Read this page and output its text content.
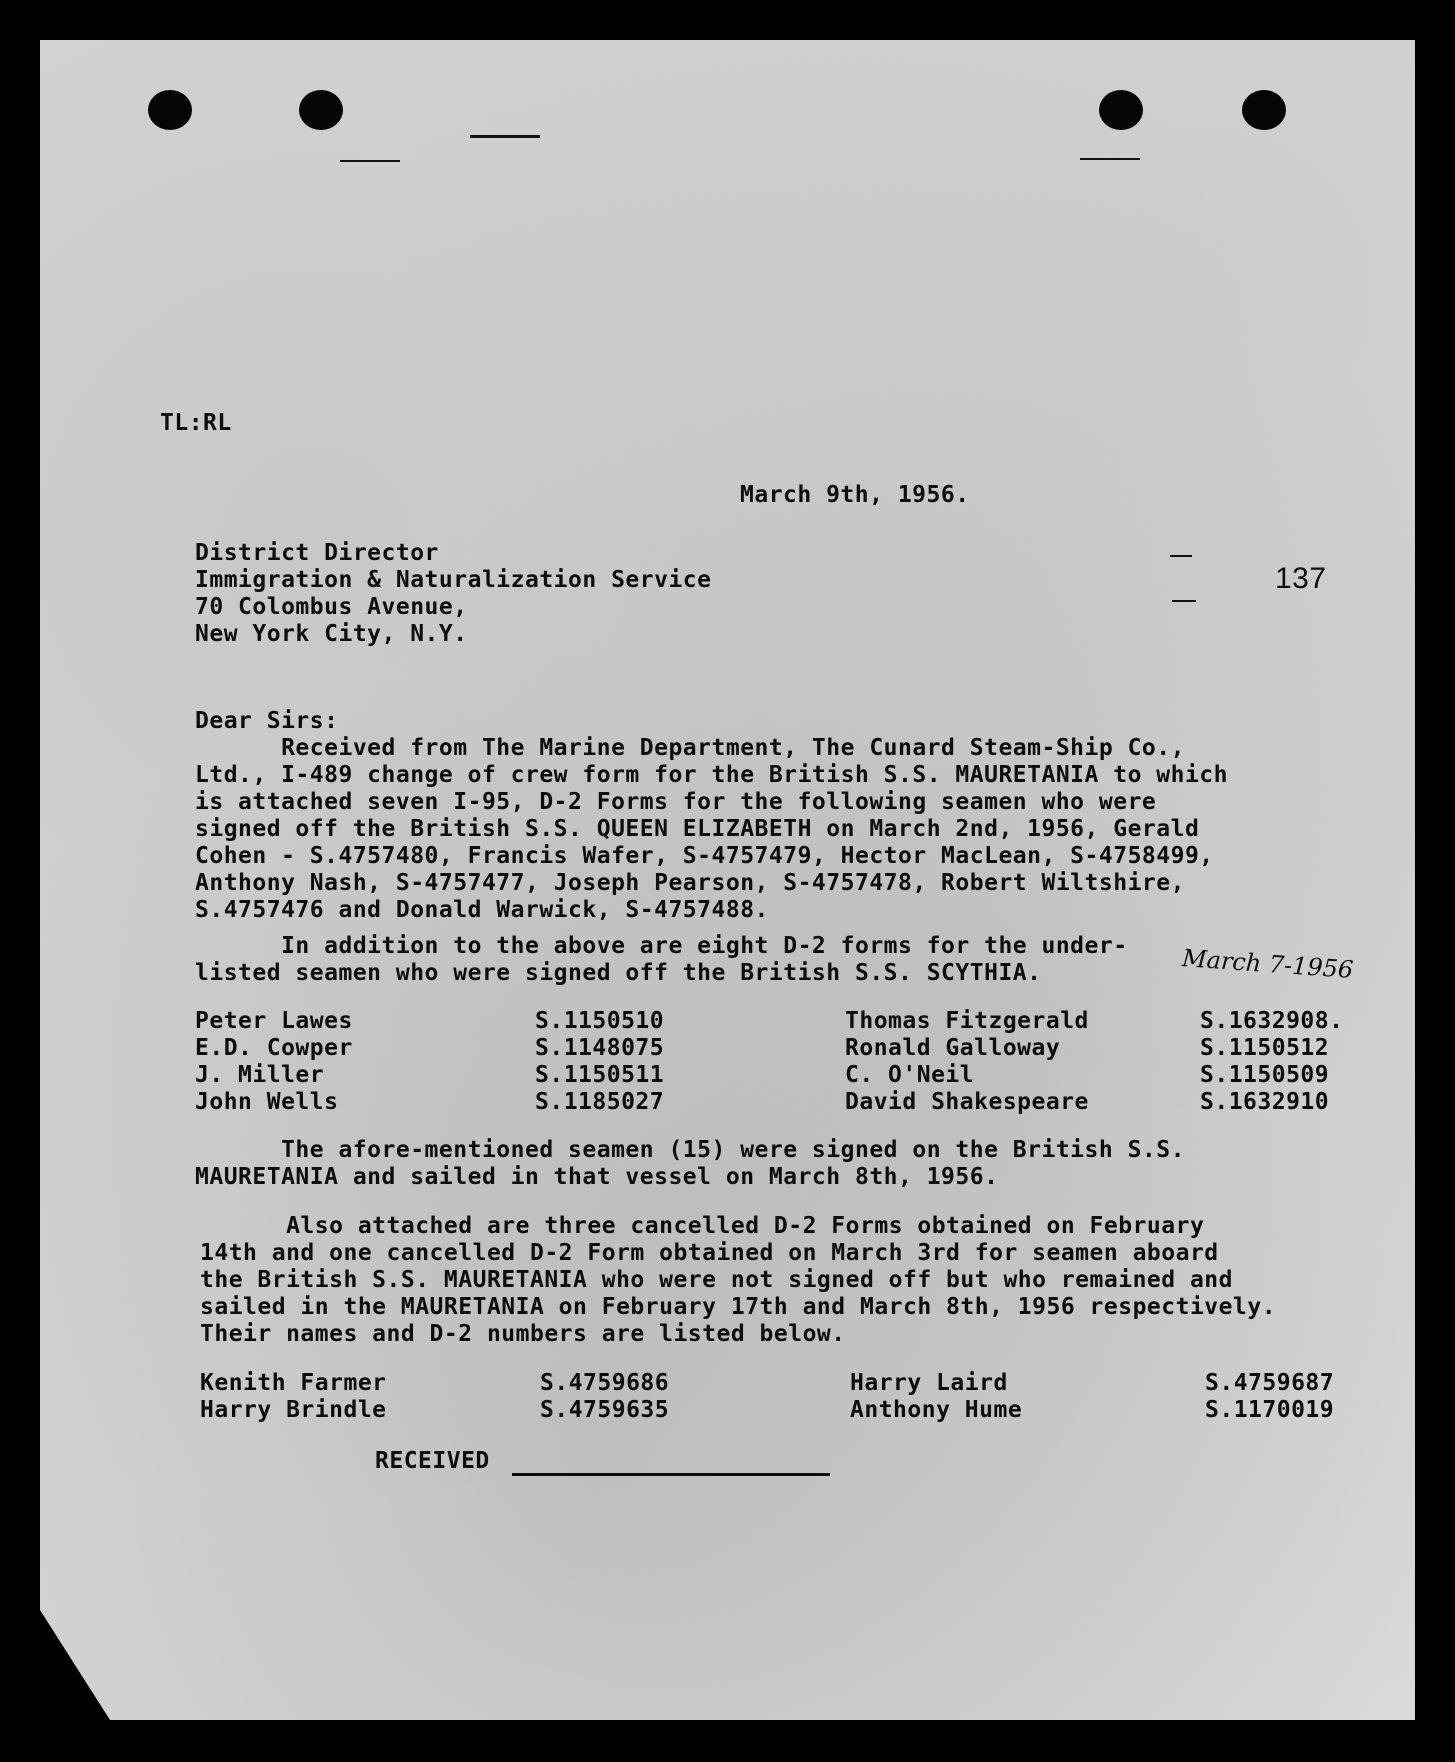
TL:RL
March 9th, 1956.
137
District Director
Immigration & Naturalization Service
70 Colombus Avenue,
New York City, N.Y.
Dear Sirs:
Received from The Marine Department, The Cunard Steam-Ship Co.,
Ltd., I-489 change of crew form for the British S.S. MAURETANIA to which
is attached seven I-95, D-2 Forms for the following seamen who were
signed off the British S.S. QUEEN ELIZABETH on March 2nd, 1956, Gerald
Cohen - S.4757480, Francis Wafer, S-4757479, Hector MacLean, S-4758499,
Anthony Nash, S-4757477, Joseph Pearson, S-4757478, Robert Wiltshire,
S.4757476 and Donald Warwick, S-4757488.
In addition to the above are eight D-2 forms for the under-
listed seamen who were signed off the British S.S. SCYTHIA.	March 7-1956
Peter Lawes	S.1150510	Thomas Fitzgerald	S.1632908.
E.D. Cowper	S.1148075	Ronald Galloway	S.1150512
J. Miller	S.1150511	C. O'Neil	S.1150509
John Wells	S.1185027	David Shakespeare	S.1632910
The afore-mentioned seamen (15) were signed on the British S.S.
MAURETANIA and sailed in that vessel on March 8th, 1956.
Also attached are three cancelled D-2 Forms obtained on February
14th and one cancelled D-2 Form obtained on March 3rd for seamen aboard
the British S.S. MAURETANIA who were not signed off but who remained and
sailed in the MAURETANIA on February 17th and March 8th, 1956 respectively.
Their names and D-2 numbers are listed below.
Kenith Farmer	S.4759686	Harry Laird	S.4759687
Harry Brindle	S.4759635	Anthony Hume	S.1170019
RECEIVED
